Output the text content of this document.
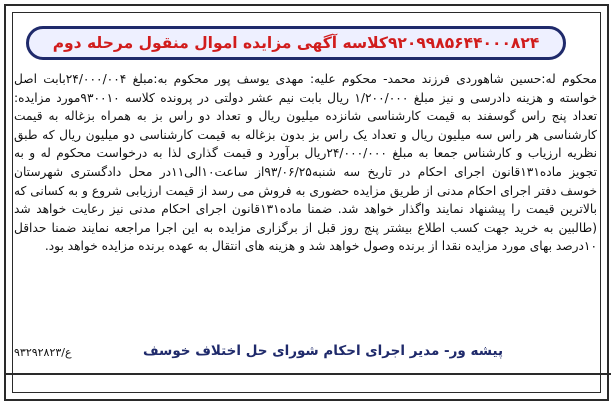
۹۲۰۹۹۸۵۶۴۴۰۰۰۸۲۴کلاسه آگهی مزایده اموال منقول مرحله دوم

محکوم له:حسین شاهوردی فرزند محمد- محکوم علیه: مهدی یوسف پور محکوم به:مبلغ ۲۴/۰۰۰/۰۰۴بابت اصل خواسته و هزینه دادرسی و نیز مبلغ ۱/۲۰۰/۰۰۰ ریال بابت نیم عشر دولتی در پرونده کلاسه ۹۳۰۰۱۰مورد مزایده: تعداد پنج راس گوسفند به قیمت کارشناسی شانزده میلیون ریال و تعداد دو راس بز به همراه بزغاله به قیمت کارشناسی هر راس سه میلیون ریال و تعداد یک راس بز بدون بزغاله به قیمت کارشناسی دو میلیون ریال که طبق نظریه ارزیاب و کارشناس جمعا به مبلغ ۲۴/۰۰۰/۰۰۰ریال برآورد و قیمت گذاری لذا به درخواست محکوم له و به تجویز ماده۱۳۱قانون اجرای احکام در تاریخ سه شنبه۹۳/۰۶/۲۵از ساعت۱۰الی۱۱در محل دادگستری شهرستان خوسف دفتر اجرای احکام مدنی از طریق مزایده حضوری به فروش می رسد از قیمت ارزیابی شروع و به کسانی که بالاترین قیمت را پیشنهاد نمایند واگذار خواهد شد. ضمنا ماده۱۳۱قانون اجرای احکام مدنی نیز رعایت خواهد شد (طالبین به خرید جهت کسب اطلاع بیشتر پنج روز قبل از برگزاری مزایده به این اجرا مراجعه نمایند ضمنا حداقل ۱۰درصد بهای مورد مزایده نقدا از برنده وصول خواهد شد و هزینه های انتقال به عهده برنده مزایده خواهد بود.

پیشه ور- مدیر اجرای احکام شورای حل اختلاف خوسف
ع/۹۳۲۹۲۸۲۳
